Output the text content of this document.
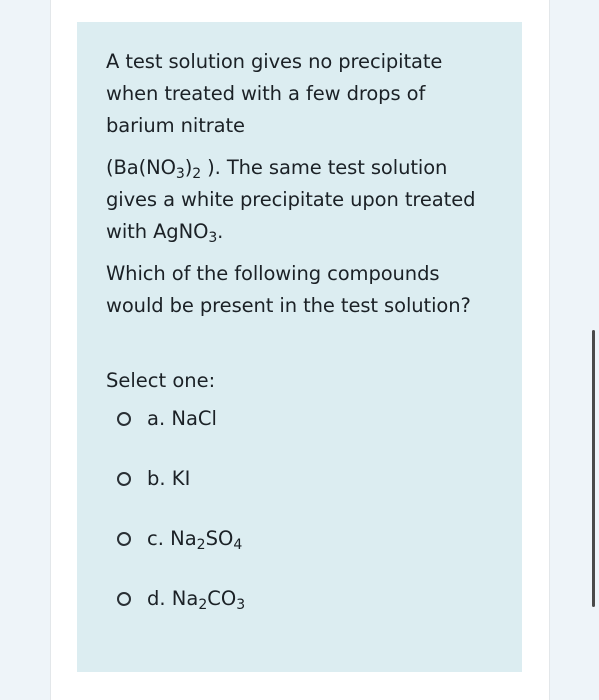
A test solution gives no precipitate when treated with a few drops of barium nitrate

($Ba(NO_3)_2$ ). The same test solution gives a white precipitate upon treated with AgNO$_3$.

Which of the following compounds would be present in the test solution?

Select one:

a. NaCl
b. KI
c. $Na_2SO_4$
d. $Na_2CO_3$
